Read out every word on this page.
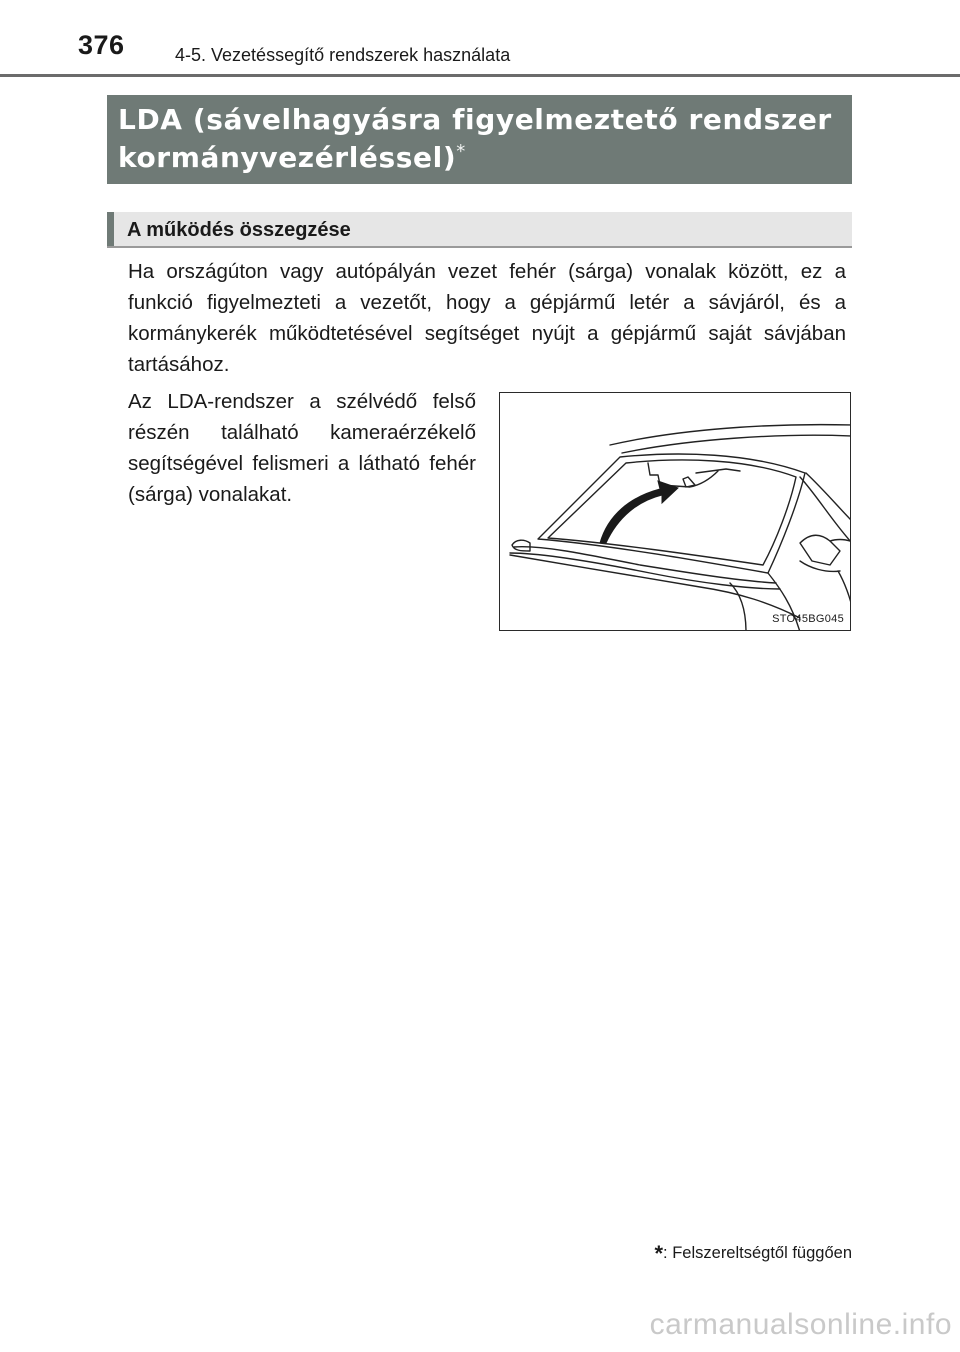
376	4-5. Vezetéssegítő rendszerek használata
LDA (sávelhagyásra figyelmeztető rendszer
kormányvezérléssel)*
A működés összegzése
Ha országúton vagy autópályán vezet fehér (sárga) vonalak között, ez a funkció figyelmezteti a vezetőt, hogy a gépjármű letér a sávjáról, és a kormánykerék működtetésével segítséget nyújt a gépjármű saját sávjában tartásához.
Az LDA-rendszer a szélvédő felső részén található kameraérzékelő segítségével felismeri a látható fehér (sárga) vonalakat.
STO45BG045
*: Felszereltségtől függően
carmanualsonline.info
